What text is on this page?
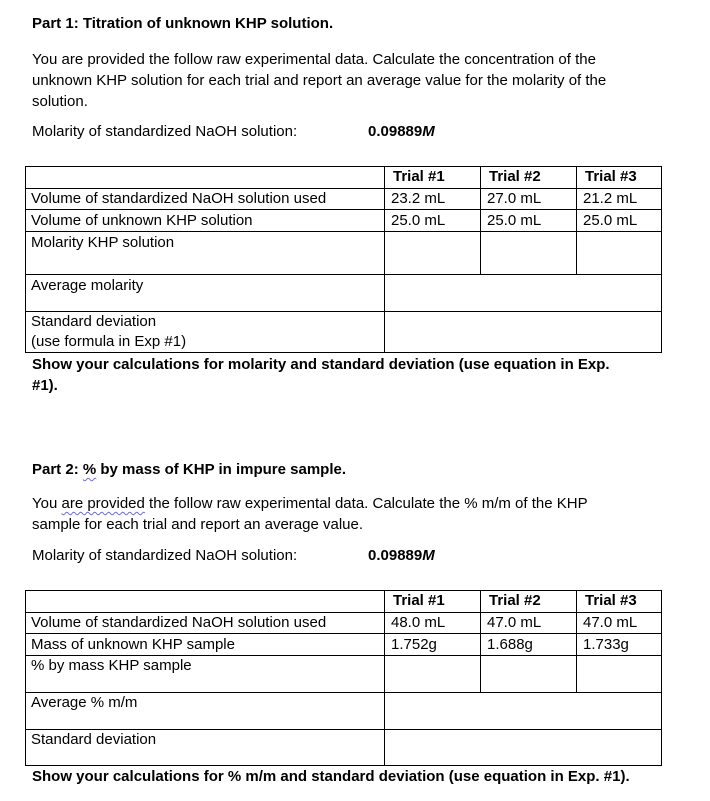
Part 1: Titration of unknown KHP solution.
You are provided the follow raw experimental data. Calculate the concentration of the
unknown KHP solution for each trial and report an average value for the molarity of the
solution.
Molarity of standardized NaOH solution:	0.09889M
Trial #1	Trial #2	Trial #3
Volume of standardized NaOH solution used	23.2 mL	27.0 mL	21.2 mL
Volume of unknown KHP solution	25.0 mL	25.0 mL	25.0 mL
Molarity KHP solution
Average molarity
Standard deviation
(use formula in Exp #1)
Show your calculations for molarity and standard deviation (use equation in Exp.
#1).
Part 2: % by mass of KHP in impure sample.
You are provided the follow raw experimental data. Calculate the % m/m of the KHP
sample for each trial and report an average value.
Molarity of standardized NaOH solution:	0.09889M
Trial #1	Trial #2	Trial #3
Volume of standardized NaOH solution used	48.0 mL	47.0 mL	47.0 mL
Mass of unknown KHP sample	1.752g	1.688g	1.733g
% by mass KHP sample
Average % m/m
Standard deviation
Show your calculations for % m/m and standard deviation (use equation in Exp. #1).
